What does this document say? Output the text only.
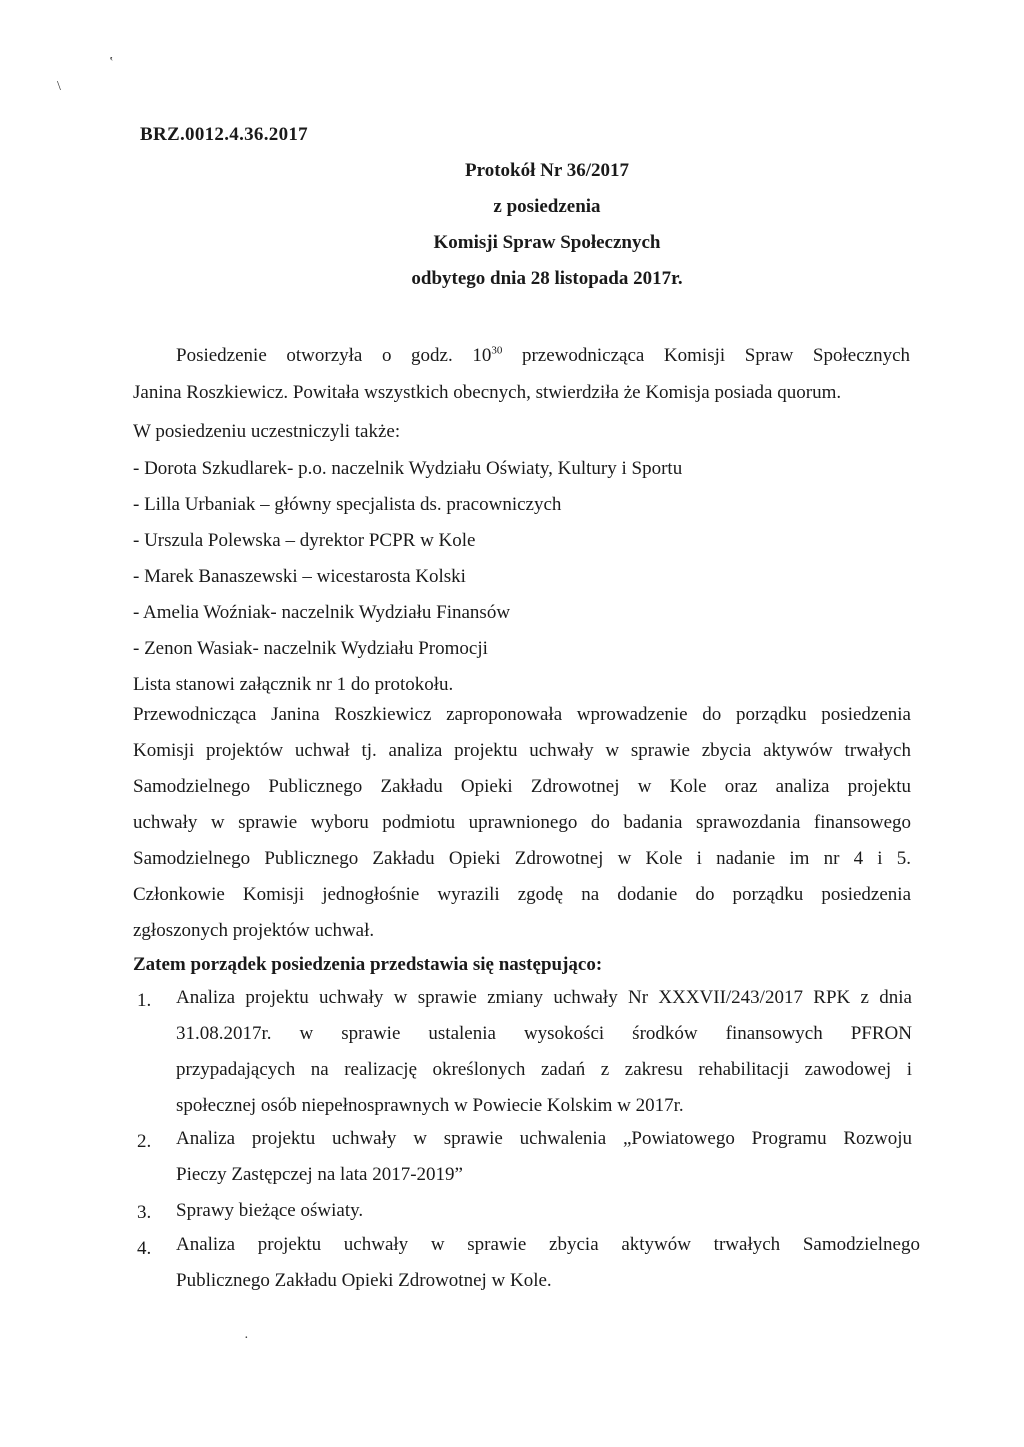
‛
\
·
BRZ.0012.4.36.2017
Protokół Nr 36/2017
z posiedzenia
Komisji Spraw Społecznych
odbytego dnia 28 listopada 2017r.
Posiedzenie otworzyła o godz. $10^{30}$ przewodnicząca Komisji Spraw Społecznych
Janina Roszkiewicz. Powitała wszystkich obecnych, stwierdziła że Komisja posiada quorum.
W posiedzeniu uczestniczyli także:
- Dorota Szkudlarek- p.o. naczelnik Wydziału Oświaty, Kultury i Sportu
- Lilla Urbaniak – główny specjalista ds. pracowniczych
- Urszula Polewska – dyrektor PCPR w Kole
- Marek Banaszewski – wicestarosta Kolski
- Amelia Woźniak- naczelnik Wydziału Finansów
- Zenon Wasiak- naczelnik Wydziału Promocji
Lista stanowi załącznik nr 1 do protokołu.
Przewodnicząca Janina Roszkiewicz zaproponowała wprowadzenie do porządku posiedzenia
Komisji projektów uchwał tj. analiza projektu uchwały w sprawie zbycia aktywów trwałych
Samodzielnego Publicznego Zakładu Opieki Zdrowotnej w Kole oraz analiza projektu
uchwały w sprawie wyboru podmiotu uprawnionego do badania sprawozdania finansowego
Samodzielnego Publicznego Zakładu Opieki Zdrowotnej w Kole i nadanie im nr 4 i 5.
Członkowie Komisji jednogłośnie wyrazili zgodę na dodanie do porządku posiedzenia
zgłoszonych projektów uchwał.
Zatem porządek posiedzenia przedstawia się następująco:
1. Analiza projektu uchwały w sprawie zmiany uchwały Nr XXXVII/243/2017 RPK z dnia
31.08.2017r. w sprawie ustalenia wysokości środków finansowych PFRON
przypadających na realizację określonych zadań z zakresu rehabilitacji zawodowej i
społecznej osób niepełnosprawnych w Powiecie Kolskim w 2017r.
2. Analiza projektu uchwały w sprawie uchwalenia „Powiatowego Programu Rozwoju
Pieczy Zastępczej na lata 2017-2019”
3. Sprawy bieżące oświaty.
4. Analiza projektu uchwały w sprawie zbycia aktywów trwałych Samodzielnego
Publicznego Zakładu Opieki Zdrowotnej w Kole.
